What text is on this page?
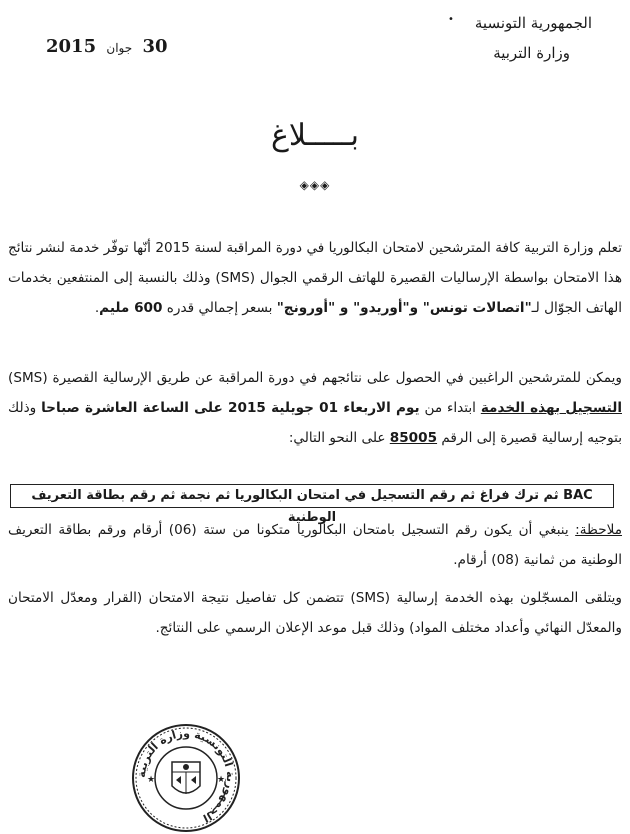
الجمهورية التونسية
وزارة التربية
•
30 جوان 2015
بـــــلاغ
◈◈◈
تعلم وزارة التربية كافة المترشحين لامتحان البكالوريا في دورة المراقبة لسنة 2015 أنّها توفّر خدمة لنشر نتائج هذا الامتحان بواسطة الإرساليات القصيرة للهاتف الرقمي الجوال (SMS) وذلك بالنسبة إلى المنتفعين بخدمات الهاتف الجوّال لـ"اتصالات تونس" و"أوريدو" و "أورونج" بسعر إجمالي قدره 600 مليم.
ويمكن للمترشحين الراغبين في الحصول على نتائجهم في دورة المراقبة عن طريق الإرسالية القصيرة (SMS) التسجيل بهذه الخدمة ابتداء من يوم الاربعاء 01 جويلية 2015 على الساعة العاشرة صباحا وذلك بتوجيه إرسالية قصيرة إلى الرقم 85005 على النحو التالي:
BAC ثم ترك فراغ ثم رقم التسجيل في امتحان البكالوريا ثم نجمة ثم رقم بطاقة التعريف الوطنية
ملاحظة: ينبغي أن يكون رقم التسجيل بامتحان البكالوريا متكونا من ستة (06) أرقام ورقم بطاقة التعريف الوطنية من ثمانية (08) أرقام.
ويتلقى المسجّلون بهذه الخدمة إرسالية (SMS) تتضمن كل تفاصيل نتيجة الامتحان (القرار ومعدّل الامتحان والمعدّل النهائي وأعداد مختلف المواد) وذلك قبل موعد الإعلان الرسمي على النتائج.
الجمهورية التونسية وزارة التربية
★	★
